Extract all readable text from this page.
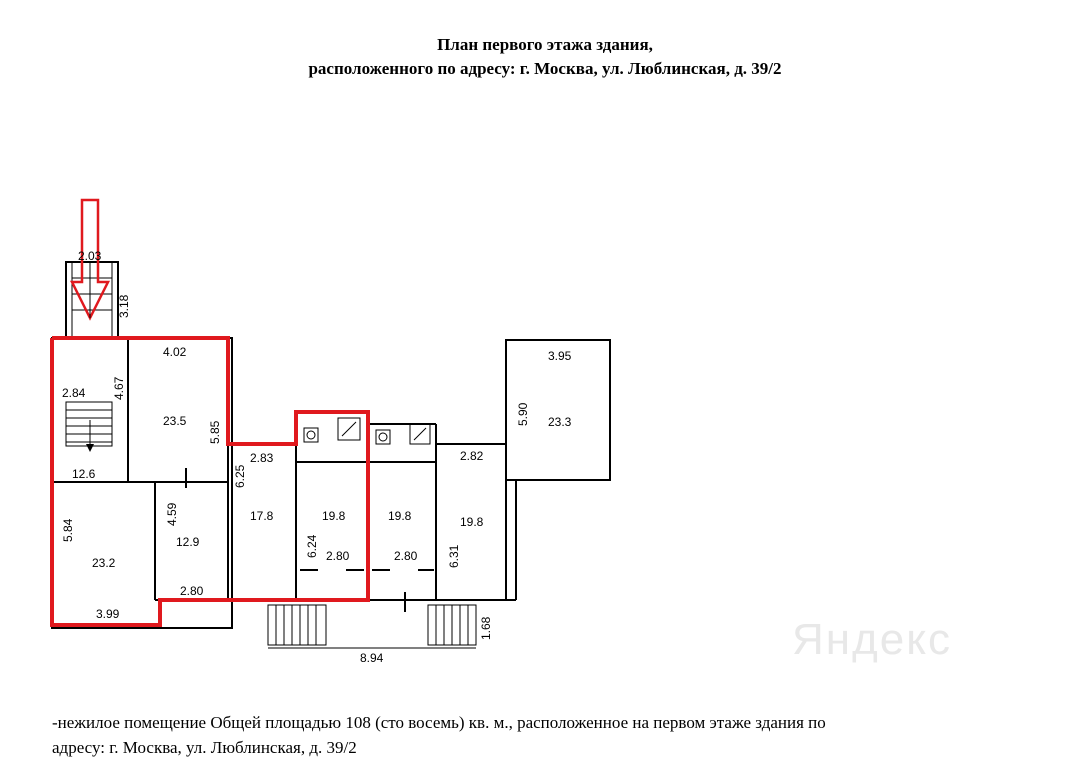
План первого этажа здания,
расположенного по адресу: г. Москва, ул. Люблинская, д. 39/2
Яндекс
2.03
3.18
4.02
23.5 5.85
2.84 4.67
12.6
2.83
6.25
5.84
23.2
3.99
4.59
12.9
2.80
17.8	19.8
6.24 2.80
19.8
2.80
19.8
6.31
2.82
3.95
5.90 23.3
1.68
8.94
-нежилое помещение Общей площадью 108 (сто восемь) кв. м., расположенное на первом этаже здания по
адресу: г. Москва, ул. Люблинская, д. 39/2
